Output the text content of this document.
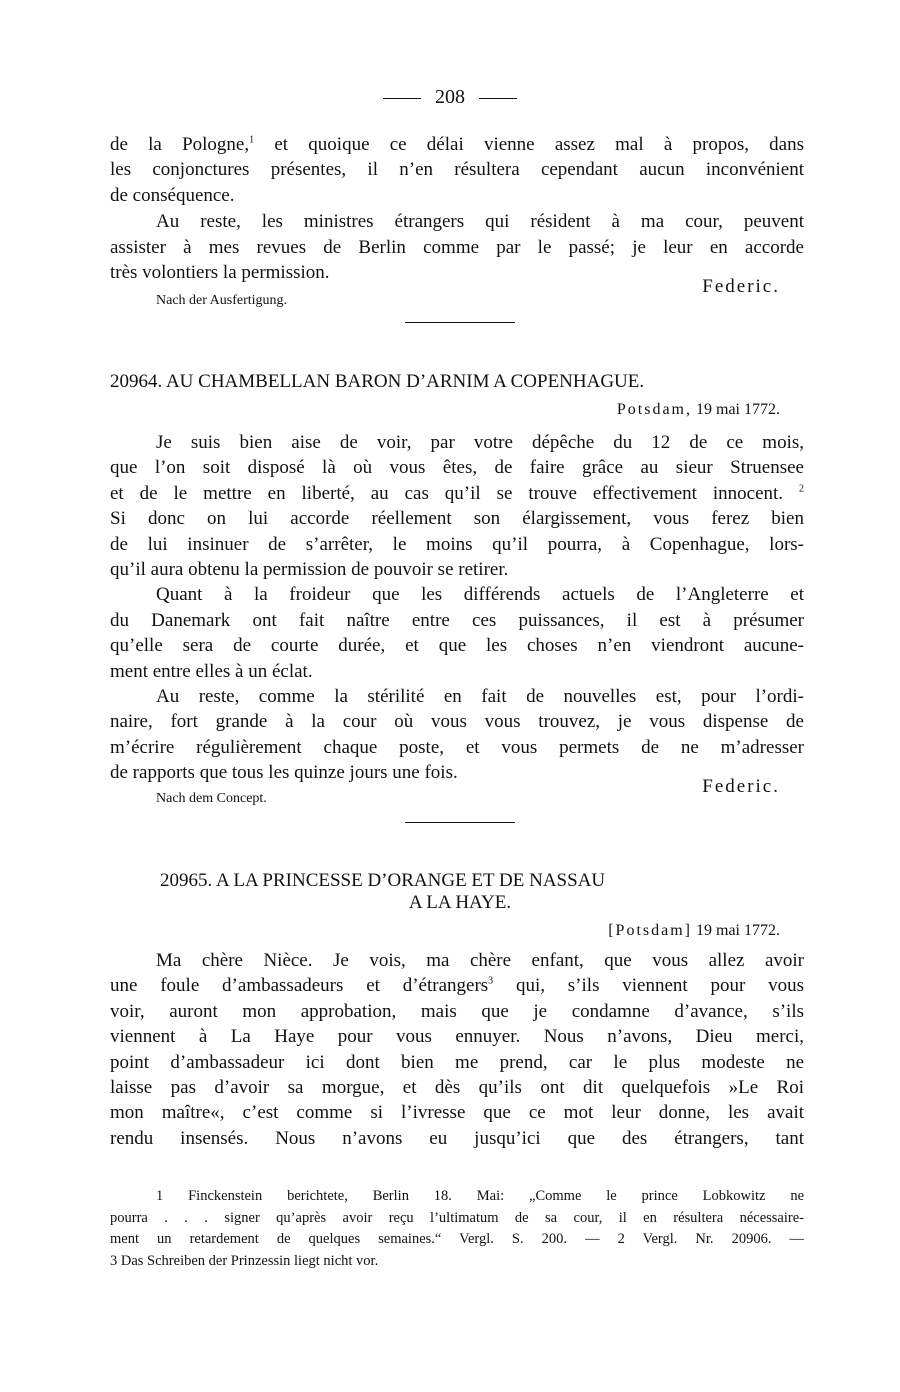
208

de la Pologne,$^1$ et quoique ce délai vienne assez mal à propos, dans
les conjonctures présentes, il n’en résultera cependant aucun inconvénient
de conséquence.

Au reste, les ministres étrangers qui résident à ma cour, peuvent
assister à mes revues de Berlin comme par le passé; je leur en accorde
très volontiers la permission.

Federic.
Nach der Ausfertigung.
20964. AU CHAMBELLAN BARON D’ARNIM A COPENHAGUE.
Potsdam, 19 mai 1772.

Je suis bien aise de voir, par votre dépêche du 12 de ce mois,
que l’on soit disposé là où vous êtes, de faire grâce au sieur Struensee
et de le mettre en liberté, au cas qu’il se trouve effectivement innocent. $^2$
Si donc on lui accorde réellement son élargissement, vous ferez bien
de lui insinuer de s’arrêter, le moins qu’il pourra, à Copenhague, lors-
qu’il aura obtenu la permission de pouvoir se retirer.

Quant à la froideur que les différends actuels de l’Angleterre et
du Danemark ont fait naître entre ces puissances, il est à présumer
qu’elle sera de courte durée, et que les choses n’en viendront aucune-
ment entre elles à un éclat.

Au reste, comme la stérilité en fait de nouvelles est, pour l’ordi-
naire, fort grande à la cour où vous vous trouvez, je vous dispense de
m’écrire régulièrement chaque poste, et vous permets de ne m’adresser
de rapports que tous les quinze jours une fois.

Federic.
Nach dem Concept.
20965. A LA PRINCESSE D’ORANGE ET DE NASSAU
A LA HAYE.
[Potsdam] 19 mai 1772.

Ma chère Nièce. Je vois, ma chère enfant, que vous allez avoir
une foule d’ambassadeurs et d’étrangers$^3$ qui, s’ils viennent pour vous
voir, auront mon approbation, mais que je condamne d’avance, s’ils
viennent à La Haye pour vous ennuyer. Nous n’avons, Dieu merci,
point d’ambassadeur ici dont bien me prend, car le plus modeste ne
laisse pas d’avoir sa morgue, et dès qu’ils ont dit quelquefois »Le Roi
mon maître«, c’est comme si l’ivresse que ce mot leur donne, les avait
rendu insensés. Nous n’avons eu jusqu’ici que des étrangers, tant

1 Finckenstein berichtete, Berlin 18. Mai: „Comme le prince Lobkowitz ne
pourra . . . signer qu’après avoir reçu l’ultimatum de sa cour, il en résultera nécessaire-
ment un retardement de quelques semaines.“ Vergl. S. 200. — 2 Vergl. Nr. 20906. —
3 Das Schreiben der Prinzessin liegt nicht vor.
